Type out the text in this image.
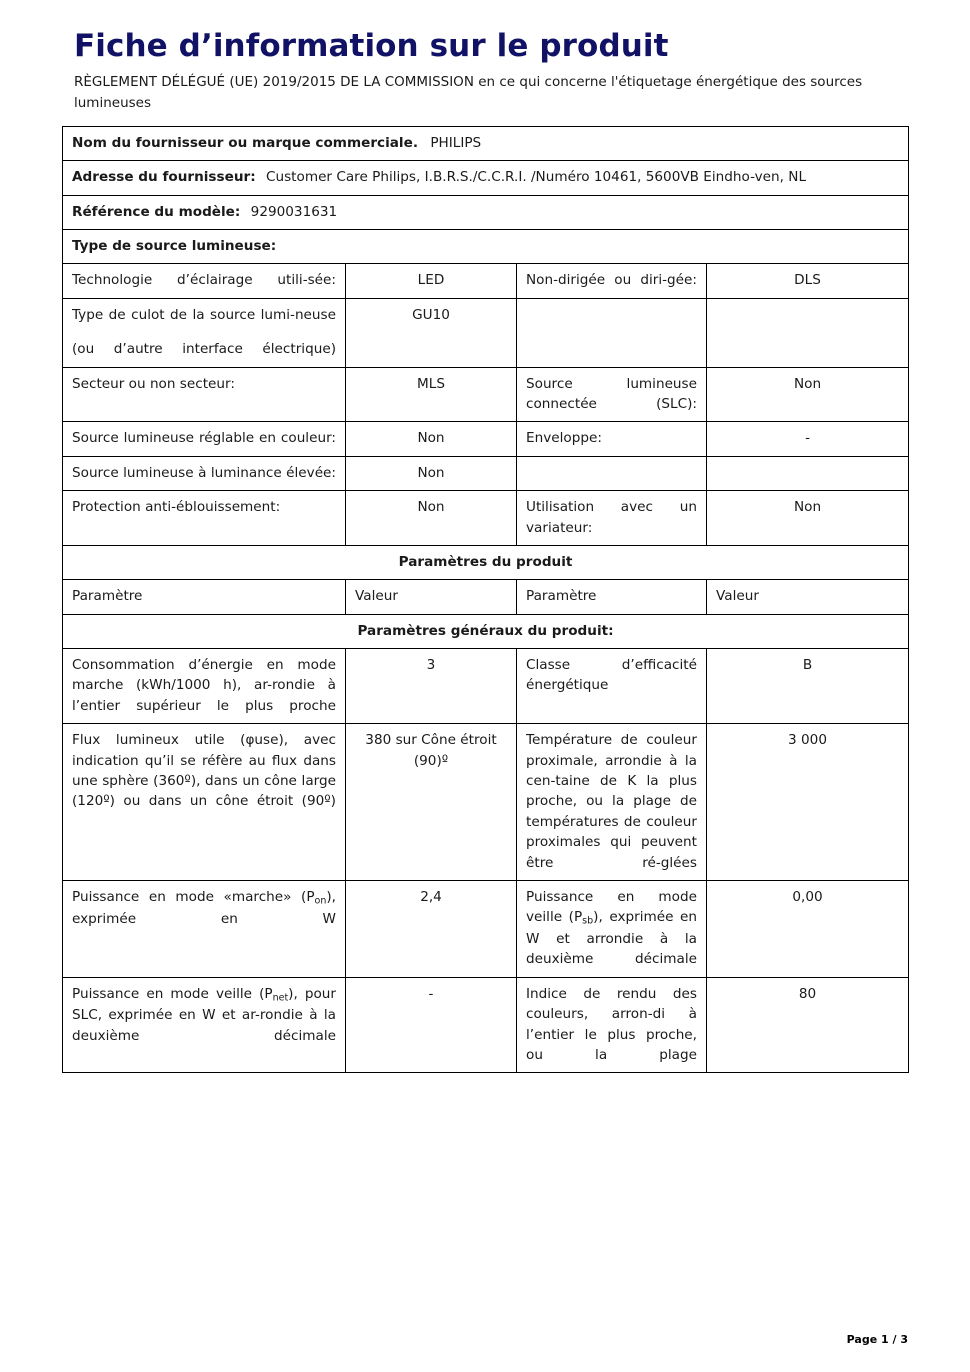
Fiche d’information sur le produit
RÈGLEMENT DÉLÉGUÉ (UE) 2019/2015 DE LA COMMISSION en ce qui concerne l'étiquetage énergétique des sources lumineuses
Nom du fournisseur ou marque commerciale. PHILIPS			
Adresse du fournisseur: Customer Care Philips, I.B.R.S./C.C.R.I. /Numéro 10461, 5600VB Eindho-ven, NL			
Référence du modèle: 9290031631			
Type de source lumineuse:			
Technologie d’éclairage utili-sée:	LED	Non-dirigée ou diri-gée:	DLS
Type de culot de la source lumi-neuse
(ou d’autre interface électrique)	GU10		
Secteur ou non secteur:	MLS	Source lumineuse connectée (SLC):	Non
Source lumineuse réglable en couleur:	Non	Enveloppe:	-
Source lumineuse à luminance élevée:	Non		
Protection anti-éblouissement:	Non	Utilisation avec un variateur:	Non
Paramètres du produit			
Paramètre	Valeur	Paramètre	Valeur
Paramètres généraux du produit:			
Consommation d’énergie en mode marche (kWh/1000 h), ar-rondie à l’entier supérieur le plus proche	3	Classe d’efficacité énergétique	B
Flux lumineux utile (φuse), avec indication qu’il se réfère au flux dans une sphère (360º), dans un cône large (120º) ou dans un cône étroit (90º)	380 sur Cône étroit (90)º	Température de couleur proximale, arrondie à la cen-taine de K la plus proche, ou la plage de températures de couleur proximales qui peuvent être ré-glées	3 000
Puissance en mode «marche» $(P_{on})$, exprimée en W	2,4	Puissance en mode veille $(P_{sb})$, exprimée en W et arrondie à la deuxième décimale	0,00
Puissance en mode veille $(P_{net})$, pour SLC, exprimée en W et ar-rondie à la deuxième décimale	-	Indice de rendu des couleurs, arron-di à l’entier le plus proche, ou la plage	80
Page 1 / 3
